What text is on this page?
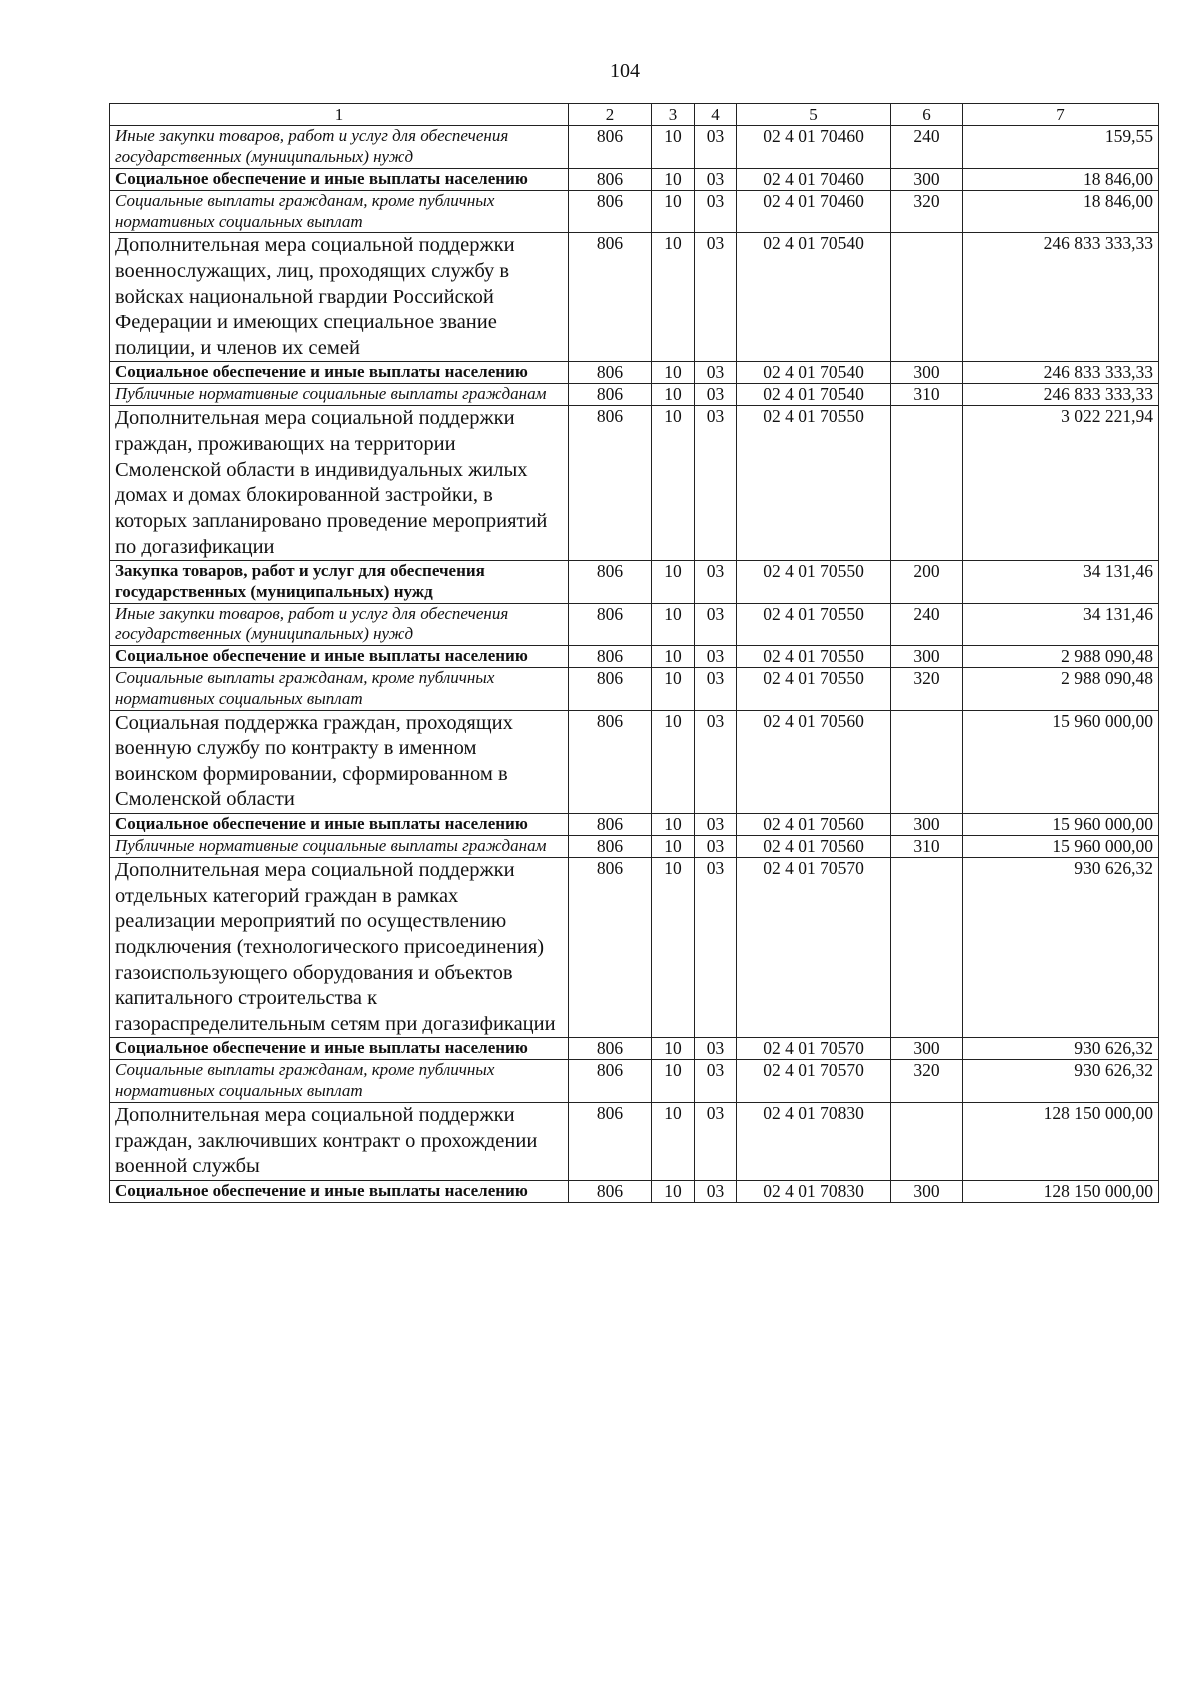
104
1	2	3	4	5	6	7
Иные закупки товаров, работ и услуг для обеспечения государственных (муниципальных) нужд	806	10	03	02 4 01 70460	240	159,55
Социальное обеспечение и иные выплаты населению	806	10	03	02 4 01 70460	300	18 846,00
Социальные выплаты гражданам, кроме публичных нормативных социальных выплат	806	10	03	02 4 01 70460	320	18 846,00
Дополнительная мера социальной поддержки военнослужащих, лиц, проходящих службу в войсках национальной гвардии Российской Федерации и имеющих специальное звание полиции, и членов их семей	806	10	03	02 4 01 70540		246 833 333,33
Социальное обеспечение и иные выплаты населению	806	10	03	02 4 01 70540	300	246 833 333,33
Публичные нормативные социальные выплаты гражданам	806	10	03	02 4 01 70540	310	246 833 333,33
Дополнительная мера социальной поддержки граждан, проживающих на территории Смоленской области в индивидуальных жилых домах и домах блокированной застройки, в которых запланировано проведение мероприятий по догазификации	806	10	03	02 4 01 70550		3 022 221,94
Закупка товаров, работ и услуг для обеспечения государственных (муниципальных) нужд	806	10	03	02 4 01 70550	200	34 131,46
Иные закупки товаров, работ и услуг для обеспечения государственных (муниципальных) нужд	806	10	03	02 4 01 70550	240	34 131,46
Социальное обеспечение и иные выплаты населению	806	10	03	02 4 01 70550	300	2 988 090,48
Социальные выплаты гражданам, кроме публичных нормативных социальных выплат	806	10	03	02 4 01 70550	320	2 988 090,48
Социальная поддержка граждан, проходящих военную службу по контракту в именном воинском формировании, сформированном в Смоленской области	806	10	03	02 4 01 70560		15 960 000,00
Социальное обеспечение и иные выплаты населению	806	10	03	02 4 01 70560	300	15 960 000,00
Публичные нормативные социальные выплаты гражданам	806	10	03	02 4 01 70560	310	15 960 000,00
Дополнительная мера социальной поддержки отдельных категорий граждан в рамках реализации мероприятий по осуществлению подключения (технологического присоединения) газоиспользующего оборудования и объектов капитального строительства к газораспределительным сетям при догазификации	806	10	03	02 4 01 70570		930 626,32
Социальное обеспечение и иные выплаты населению	806	10	03	02 4 01 70570	300	930 626,32
Социальные выплаты гражданам, кроме публичных нормативных социальных выплат	806	10	03	02 4 01 70570	320	930 626,32
Дополнительная мера социальной поддержки граждан, заключивших контракт о прохождении военной службы	806	10	03	02 4 01 70830		128 150 000,00
Социальное обеспечение и иные выплаты населению	806	10	03	02 4 01 70830	300	128 150 000,00
